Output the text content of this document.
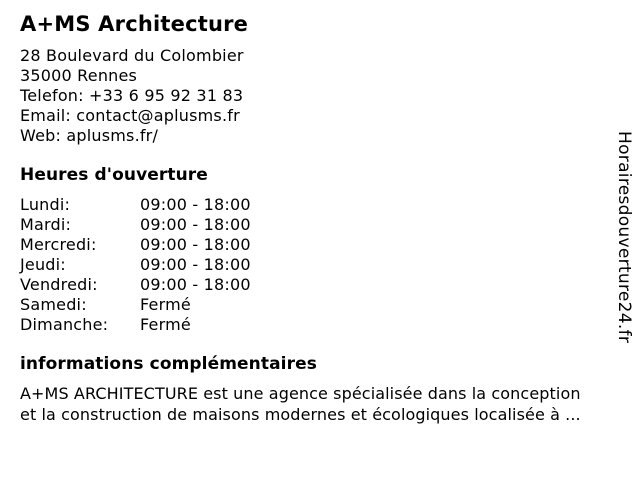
A+MS Architecture
28 Boulevard du Colombier
35000 Rennes
Telefon: +33 6 95 92 31 83
Email: contact@aplusms.fr
Web: aplusms.fr/
Heures d'ouverture
Lundi:	09:00 - 18:00
Mardi:	09:00 - 18:00
Mercredi:	09:00 - 18:00
Jeudi:	09:00 - 18:00
Vendredi:	09:00 - 18:00
Samedi:	Fermé
Dimanche:	Fermé
informations complémentaires
A+MS ARCHITECTURE est une agence spécialisée dans la conception
et la construction de maisons modernes et écologiques localisée à ...
Horairesdouverture24.fr
